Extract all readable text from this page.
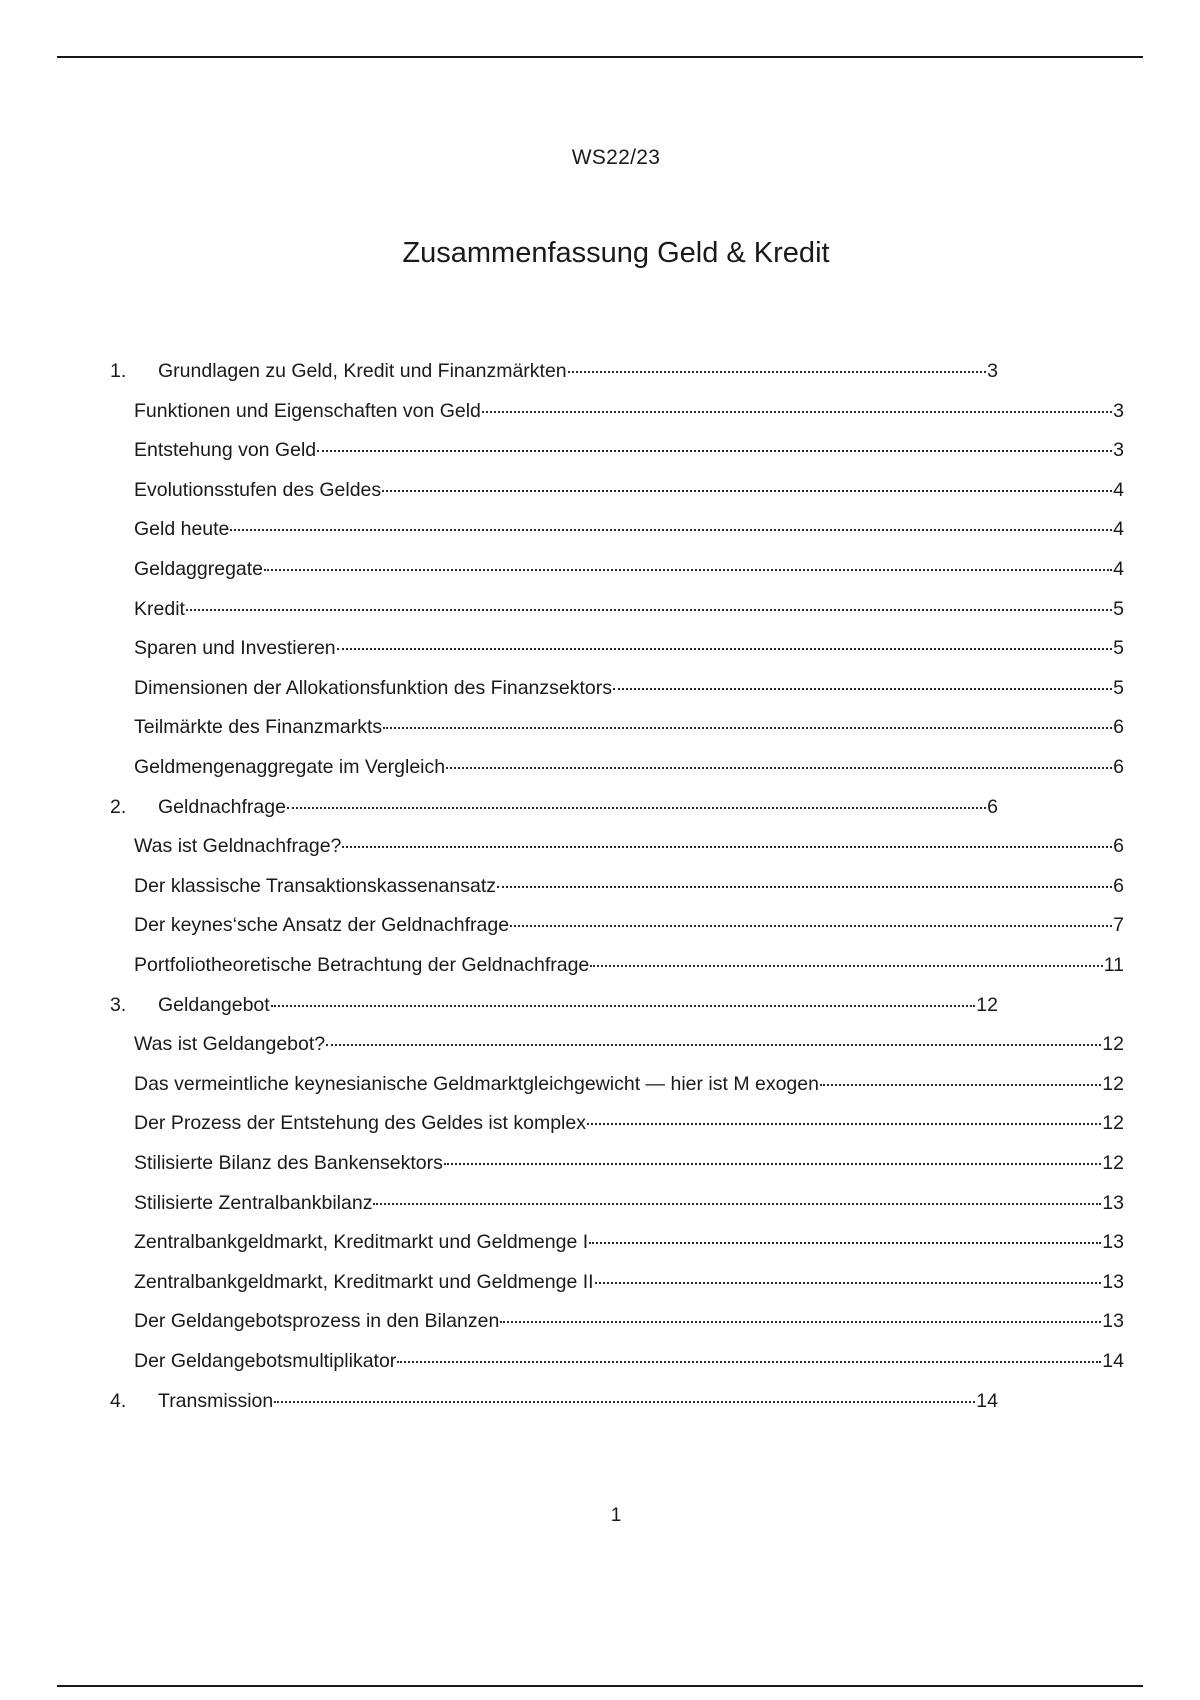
WS22/23
Zusammenfassung Geld & Kredit
1.	Grundlagen zu Geld, Kredit und Finanzmärkten	3
Funktionen und Eigenschaften von Geld	3
Entstehung von Geld	3
Evolutionsstufen des Geldes	4
Geld heute	4
Geldaggregate	4
Kredit	5
Sparen und Investieren	5
Dimensionen der Allokationsfunktion des Finanzsektors	5
Teilmärkte des Finanzmarkts	6
Geldmengenaggregate im Vergleich	6
2.	Geldnachfrage	6
Was ist Geldnachfrage?	6
Der klassische Transaktionskassenansatz	6
Der keynes‘sche Ansatz der Geldnachfrage	7
Portfoliotheoretische Betrachtung der Geldnachfrage	11
3.	Geldangebot	12
Was ist Geldangebot?	12
Das vermeintliche keynesianische Geldmarktgleichgewicht — hier ist M exogen	12
Der Prozess der Entstehung des Geldes ist komplex	12
Stilisierte Bilanz des Bankensektors	12
Stilisierte Zentralbankbilanz	13
Zentralbankgeldmarkt, Kreditmarkt und Geldmenge I	13
Zentralbankgeldmarkt, Kreditmarkt und Geldmenge II	13
Der Geldangebotsprozess in den Bilanzen	13
Der Geldangebotsmultiplikator	14
4.	Transmission	14
1
